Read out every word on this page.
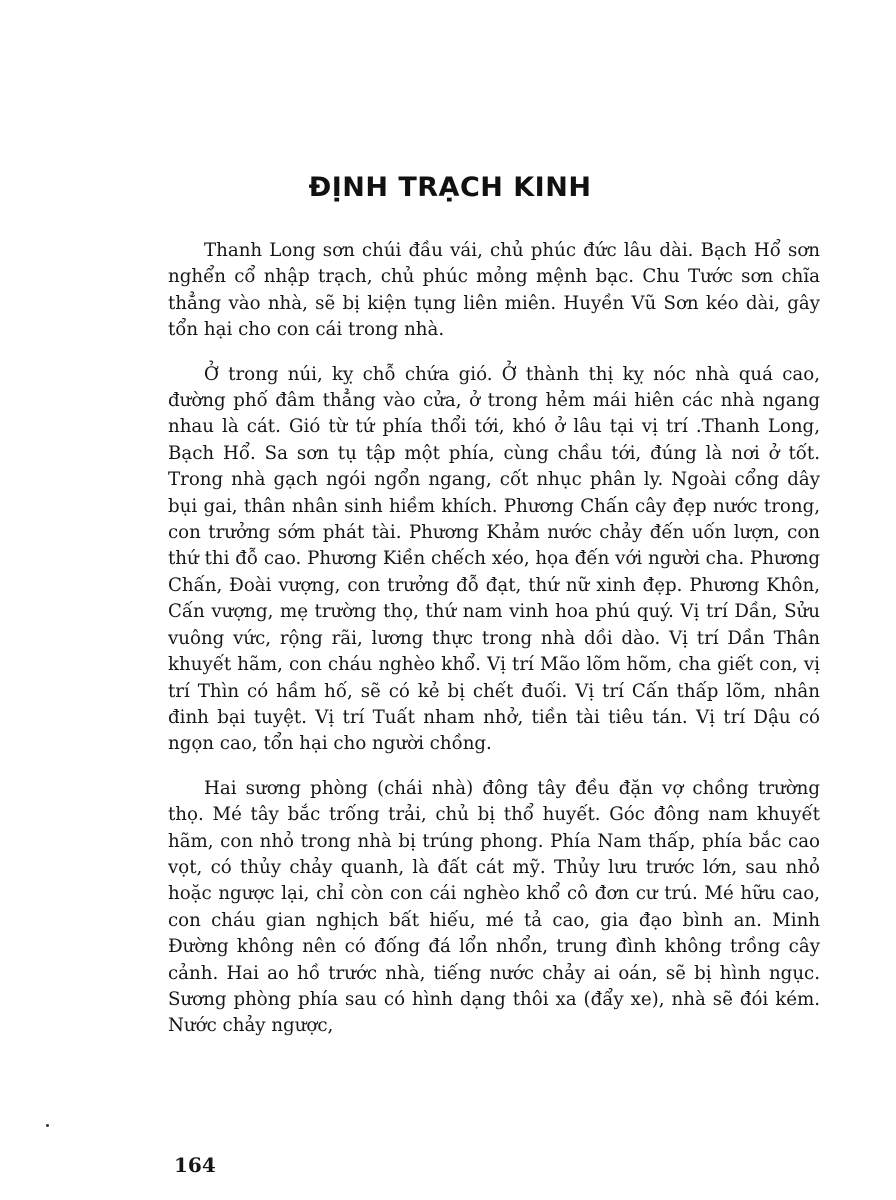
ĐỊNH TRẠCH KINH

Thanh Long sơn chúi đầu vái, chủ phúc đức lâu dài. Bạch Hổ sơn nghển cổ nhập trạch, chủ phúc mỏng mệnh bạc. Chu Tước sơn chĩa thẳng vào nhà, sẽ bị kiện tụng liên miên. Huyền Vũ Sơn kéo dài, gây tổn hại cho con cái trong nhà.

Ở trong núi, kỵ chỗ chứa gió. Ở thành thị kỵ nóc nhà quá cao, đường phố đâm thẳng vào cửa, ở trong hẻm mái hiên các nhà ngang nhau là cát. Gió từ tứ phía thổi tới, khó ở lâu tại vị trí .Thanh Long, Bạch Hổ. Sa sơn tụ tập một phía, cùng chầu tới, đúng là nơi ở tốt. Trong nhà gạch ngói ngổn ngang, cốt nhục phân ly. Ngoài cổng dây bụi gai, thân nhân sinh hiềm khích. Phương Chấn cây đẹp nước trong, con trưởng sớm phát tài. Phương Khảm nước chảy đến uốn lượn, con thứ thi đỗ cao. Phương Kiền chếch xéo, họa đến với người cha. Phương Chấn, Đoài vượng, con trưởng đỗ đạt, thứ nữ xinh đẹp. Phương Khôn, Cấn vượng, mẹ trường thọ, thứ nam vinh hoa phú quý. Vị trí Dần, Sửu vuông vức, rộng rãi, lương thực trong nhà dồi dào. Vị trí Dần Thân khuyết hãm, con cháu nghèo khổ. Vị trí Mão lõm hõm, cha giết con, vị trí Thìn có hầm hố, sẽ có kẻ bị chết đuối. Vị trí Cấn thấp lõm, nhân đinh bại tuyệt. Vị trí Tuất nham nhở, tiền tài tiêu tán. Vị trí Dậu có ngọn cao, tổn hại cho người chồng.

Hai sương phòng (chái nhà) đông tây đều đặn vợ chồng trường thọ. Mé tây bắc trống trải, chủ bị thổ huyết. Góc đông nam khuyết hãm, con nhỏ trong nhà bị trúng phong. Phía Nam thấp, phía bắc cao vọt, có thủy chảy quanh, là đất cát mỹ. Thủy lưu trước lớn, sau nhỏ hoặc ngược lại, chỉ còn con cái nghèo khổ cô đơn cư trú. Mé hữu cao, con cháu gian nghịch bất hiếu, mé tả cao, gia đạo bình an. Minh Đường không nên có đống đá lổn nhổn, trung đình không trồng cây cảnh. Hai ao hồ trước nhà, tiếng nước chảy ai oán, sẽ bị hình ngục. Sương phòng phía sau có hình dạng thôi xa (đẩy xe), nhà sẽ đói kém. Nước chảy ngược,

164
